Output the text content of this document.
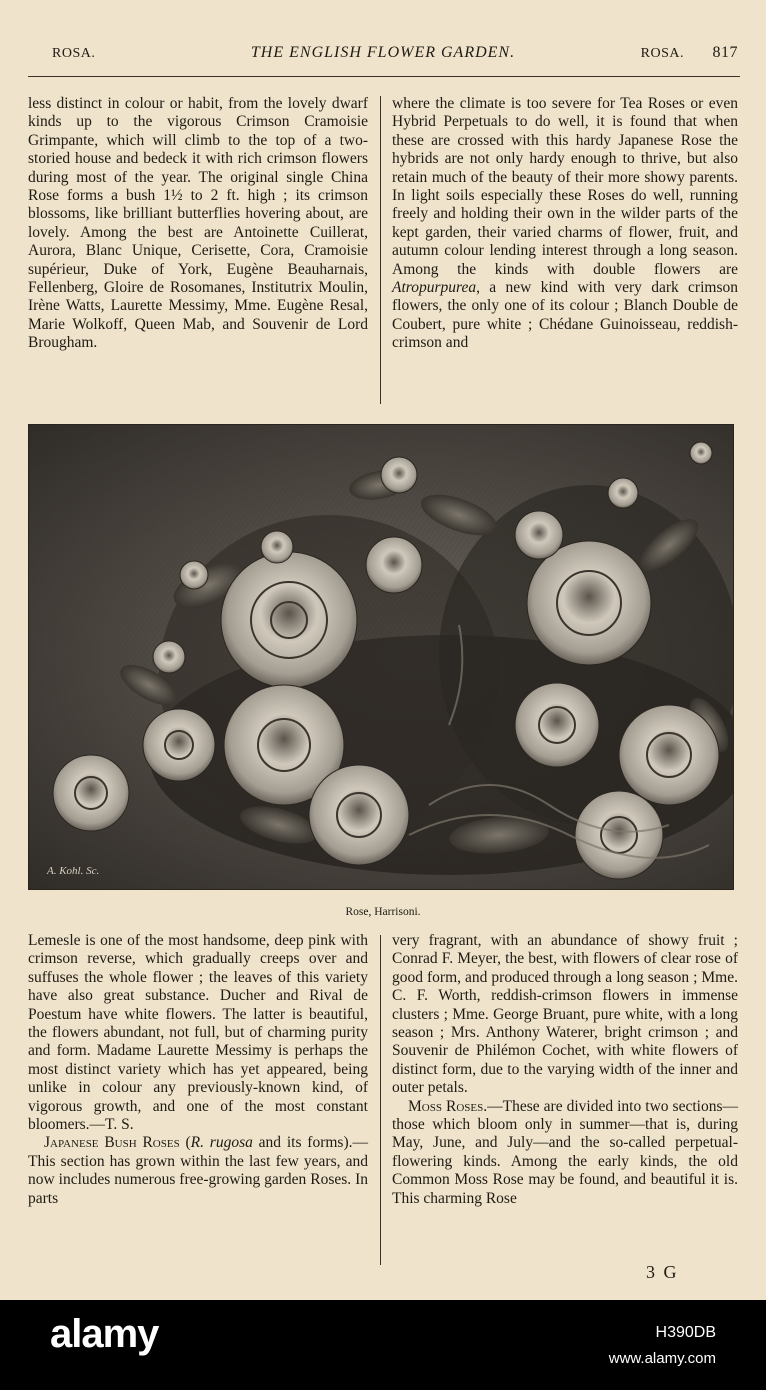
ROSA.	THE ENGLISH FLOWER GARDEN.	ROSA. 817

less distinct in colour or habit, from the lovely dwarf kinds up to the vigorous Crimson Cramoisie Grimpante, which will climb to the top of a two-storied house and bedeck it with rich crimson flowers during most of the year. The original single China Rose forms a bush 1½ to 2 ft. high ; its crimson blossoms, like brilliant butterflies hovering about, are lovely. Among the best are Antoinette Cuillerat, Aurora, Blanc Unique, Cerisette, Cora, Cramoisie supérieur, Duke of York, Eugène Beauharnais, Fellenberg, Gloire de Rosomanes, Institutrix Moulin, Irène Watts, Laurette Messimy, Mme. Eugène Resal, Marie Wolkoff, Queen Mab, and Souvenir de Lord Brougham.

where the climate is too severe for Tea Roses or even Hybrid Perpetuals to do well, it is found that when these are crossed with this hardy Japanese Rose the hybrids are not only hardy enough to thrive, but also retain much of the beauty of their more showy parents. In light soils especially these Roses do well, running freely and holding their own in the wilder parts of the kept garden, their varied charms of flower, fruit, and autumn colour lending interest through a long season. Among the kinds with double flowers are Atropurpurea, a new kind with very dark crimson flowers, the only one of its colour ; Blanch Double de Coubert, pure white ; Chédane Guinoisseau, reddish-crimson and

A. Kohl. Sc.
Rose, Harrisoni.

Lemesle is one of the most handsome, deep pink with crimson reverse, which gradually creeps over and suffuses the whole flower ; the leaves of this variety have also great substance. Ducher and Rival de Poestum have white flowers. The latter is beautiful, the flowers abundant, not full, but of charming purity and form. Madame Laurette Messimy is perhaps the most distinct variety which has yet appeared, being unlike in colour any previously-known kind, of vigorous growth, and one of the most constant bloomers.—T. S.

Japanese Bush Roses (R. rugosa and its forms).—This section has grown within the last few years, and now includes numerous free-growing garden Roses. In parts

very fragrant, with an abundance of showy fruit ; Conrad F. Meyer, the best, with flowers of clear rose of good form, and produced through a long season ; Mme. C. F. Worth, reddish-crimson flowers in immense clusters ; Mme. George Bruant, pure white, with a long season ; Mrs. Anthony Waterer, bright crimson ; and Souvenir de Philémon Cochet, with white flowers of distinct form, due to the varying width of the inner and outer petals.

Moss Roses.—These are divided into two sections—those which bloom only in summer—that is, during May, June, and July—and the so-called perpetual-flowering kinds. Among the early kinds, the old Common Moss Rose may be found, and beautiful it is. This charming Rose

3 G
alamy	H390DB
www.alamy.com
